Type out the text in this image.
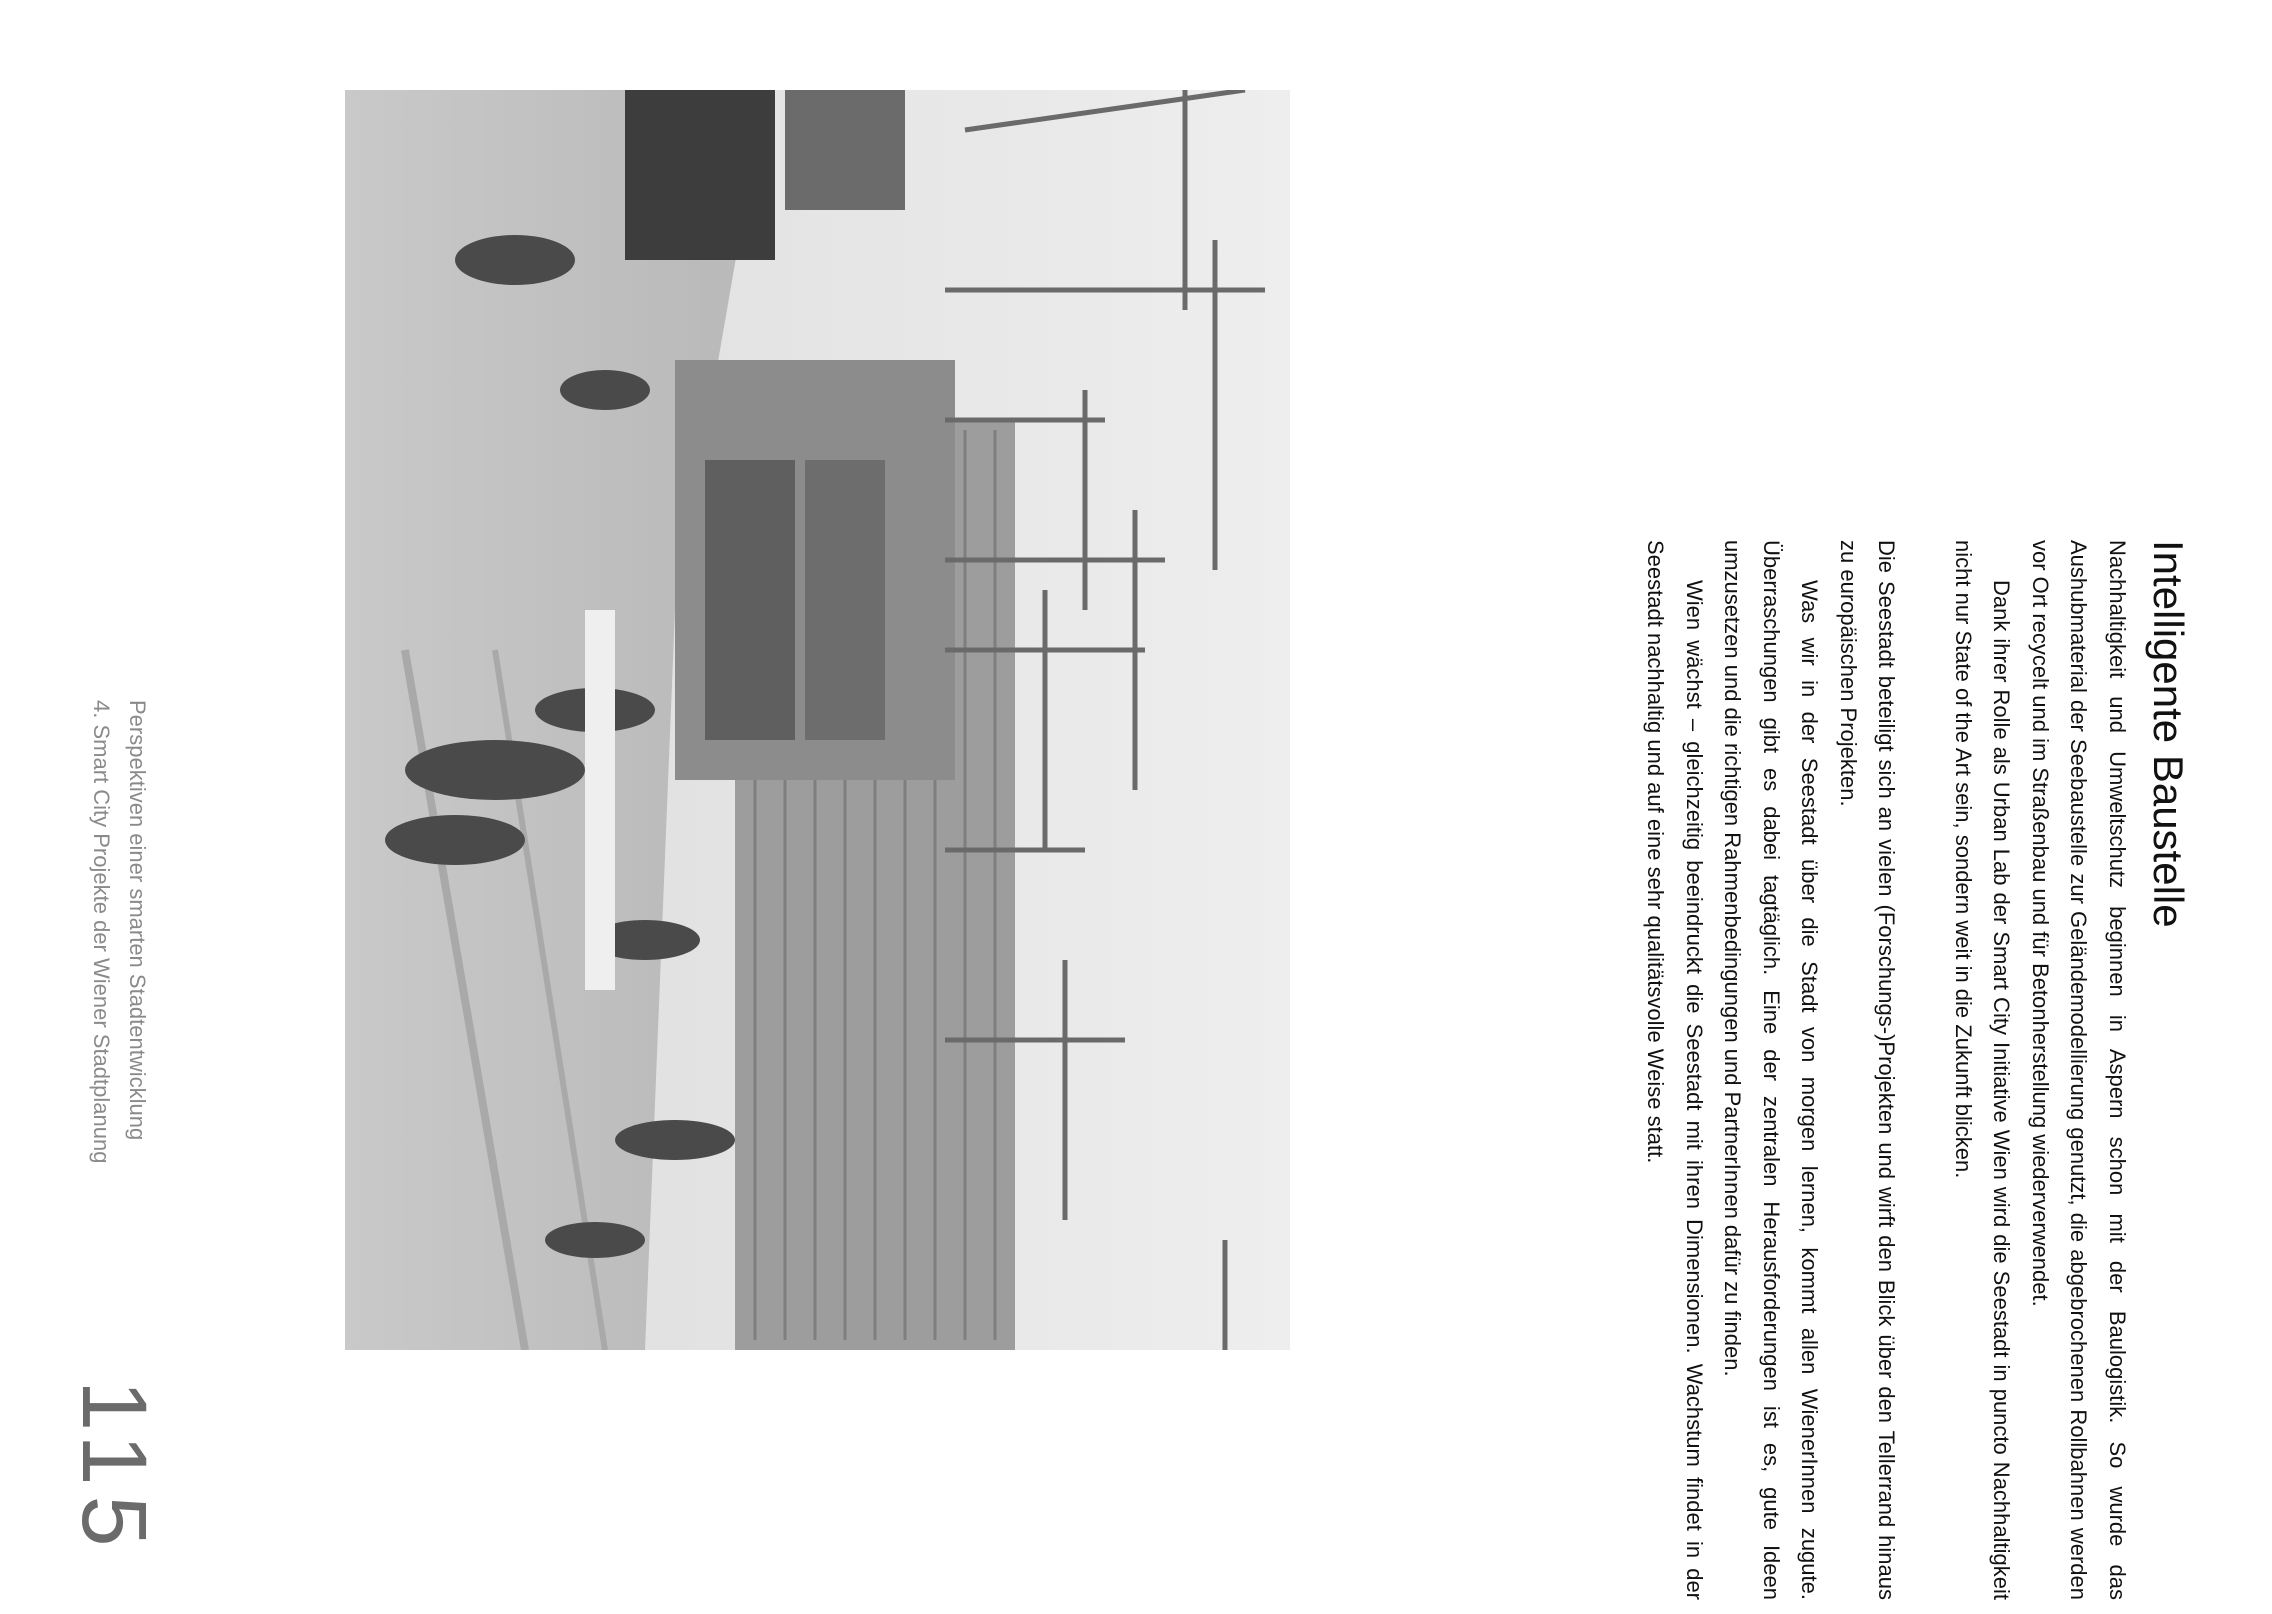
Intelligente Baustelle

Nachhaltigkeit und Umweltschutz beginnen in Aspern schon mit der Baulogistik. So wurde das Aushubmaterial der Seebaustelle zur Geländemodellierung genutzt, die abgebrochenen Rollbahnen werden vor Ort recycelt und im Straßenbau und für Betonherstellung wiederverwendet.

Dank ihrer Rolle als Urban Lab der Smart City Initiative Wien wird die Seestadt in puncto Nachhaltigkeit nicht nur State of the Art sein, sondern weit in die Zukunft blicken.

Die Seestadt beteiligt sich an vielen (Forschungs-)Projekten und wirft den Blick über den Tellerrand hinaus zu europäischen Projekten.

Was wir in der Seestadt über die Stadt von morgen lernen, kommt allen WienerInnen zugute. Überraschungen gibt es dabei tagtäglich. Eine der zentralen Herausforderungen ist es, gute Ideen umzusetzen und die richtigen Rahmenbedingungen und PartnerInnen dafür zu finden.

Wien wächst – gleichzeitig beeindruckt die Seestadt mit ihren Dimensionen. Wachstum findet in der Seestadt nachhaltig und auf eine sehr qualitätsvolle Weise statt.

Perspektiven einer smarten Stadtentwicklung
4. Smart City Projekte der Wiener Stadtplanung
115
